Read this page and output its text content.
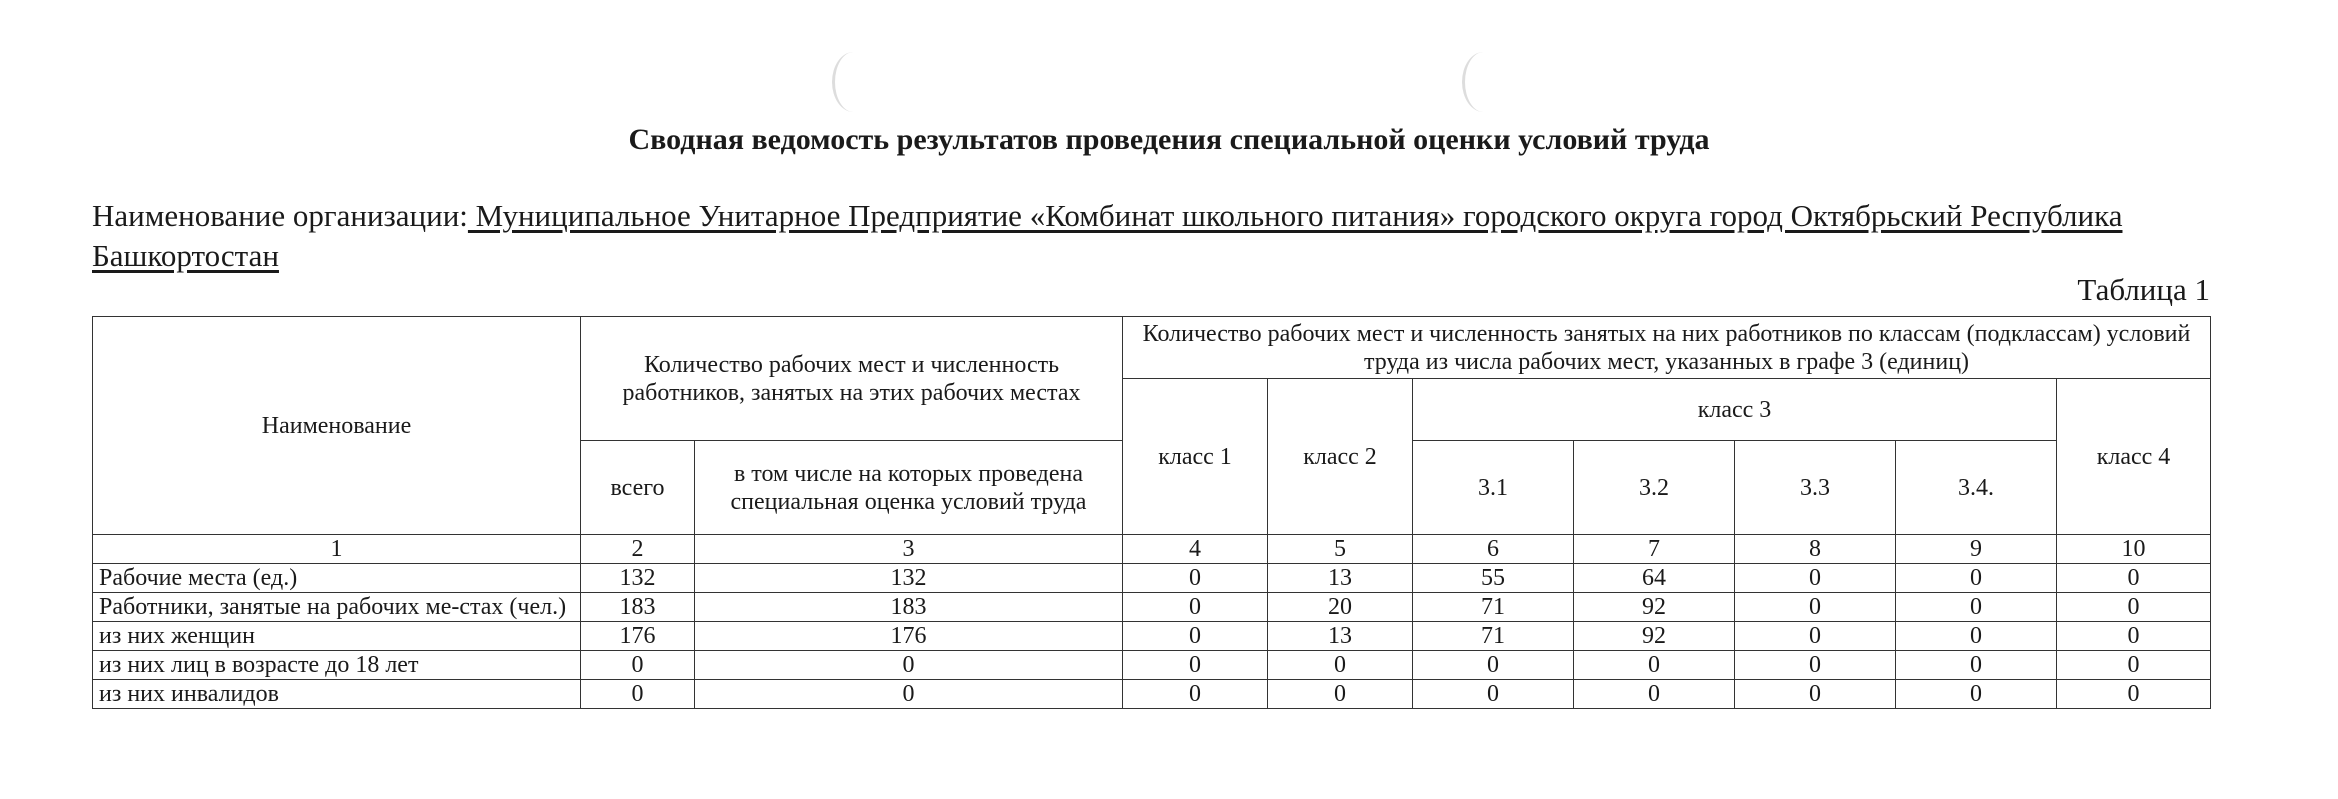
Сводная ведомость результатов проведения специальной оценки условий труда
Наименование организации: Муниципальное Унитарное Предприятие «Комбинат школьного питания» городского округа город Октябрьский Республика Башкортостан
Таблица 1
Наименование	Количество рабочих мест и численность работников, занятых на этих рабочих местах		Количество рабочих мест и численность занятых на них работников по классам (подклассам) условий труда из числа рабочих мест, указанных в графе 3 (единиц)						
			класс 1	класс 2	класс 3				класс 4
	всего	в том числе на которых проведена специальная оценка условий труда			3.1	3.2	3.3	3.4.	
1	2	3	4	5	6	7	8	9	10
Рабочие места (ед.)	132	132	0	13	55	64	0	0	0
Работники, занятые на рабочих ме-стах (чел.)	183	183	0	20	71	92	0	0	0
из них женщин	176	176	0	13	71	92	0	0	0
из них лиц в возрасте до 18 лет	0	0	0	0	0	0	0	0	0
из них инвалидов	0	0	0	0	0	0	0	0	0
